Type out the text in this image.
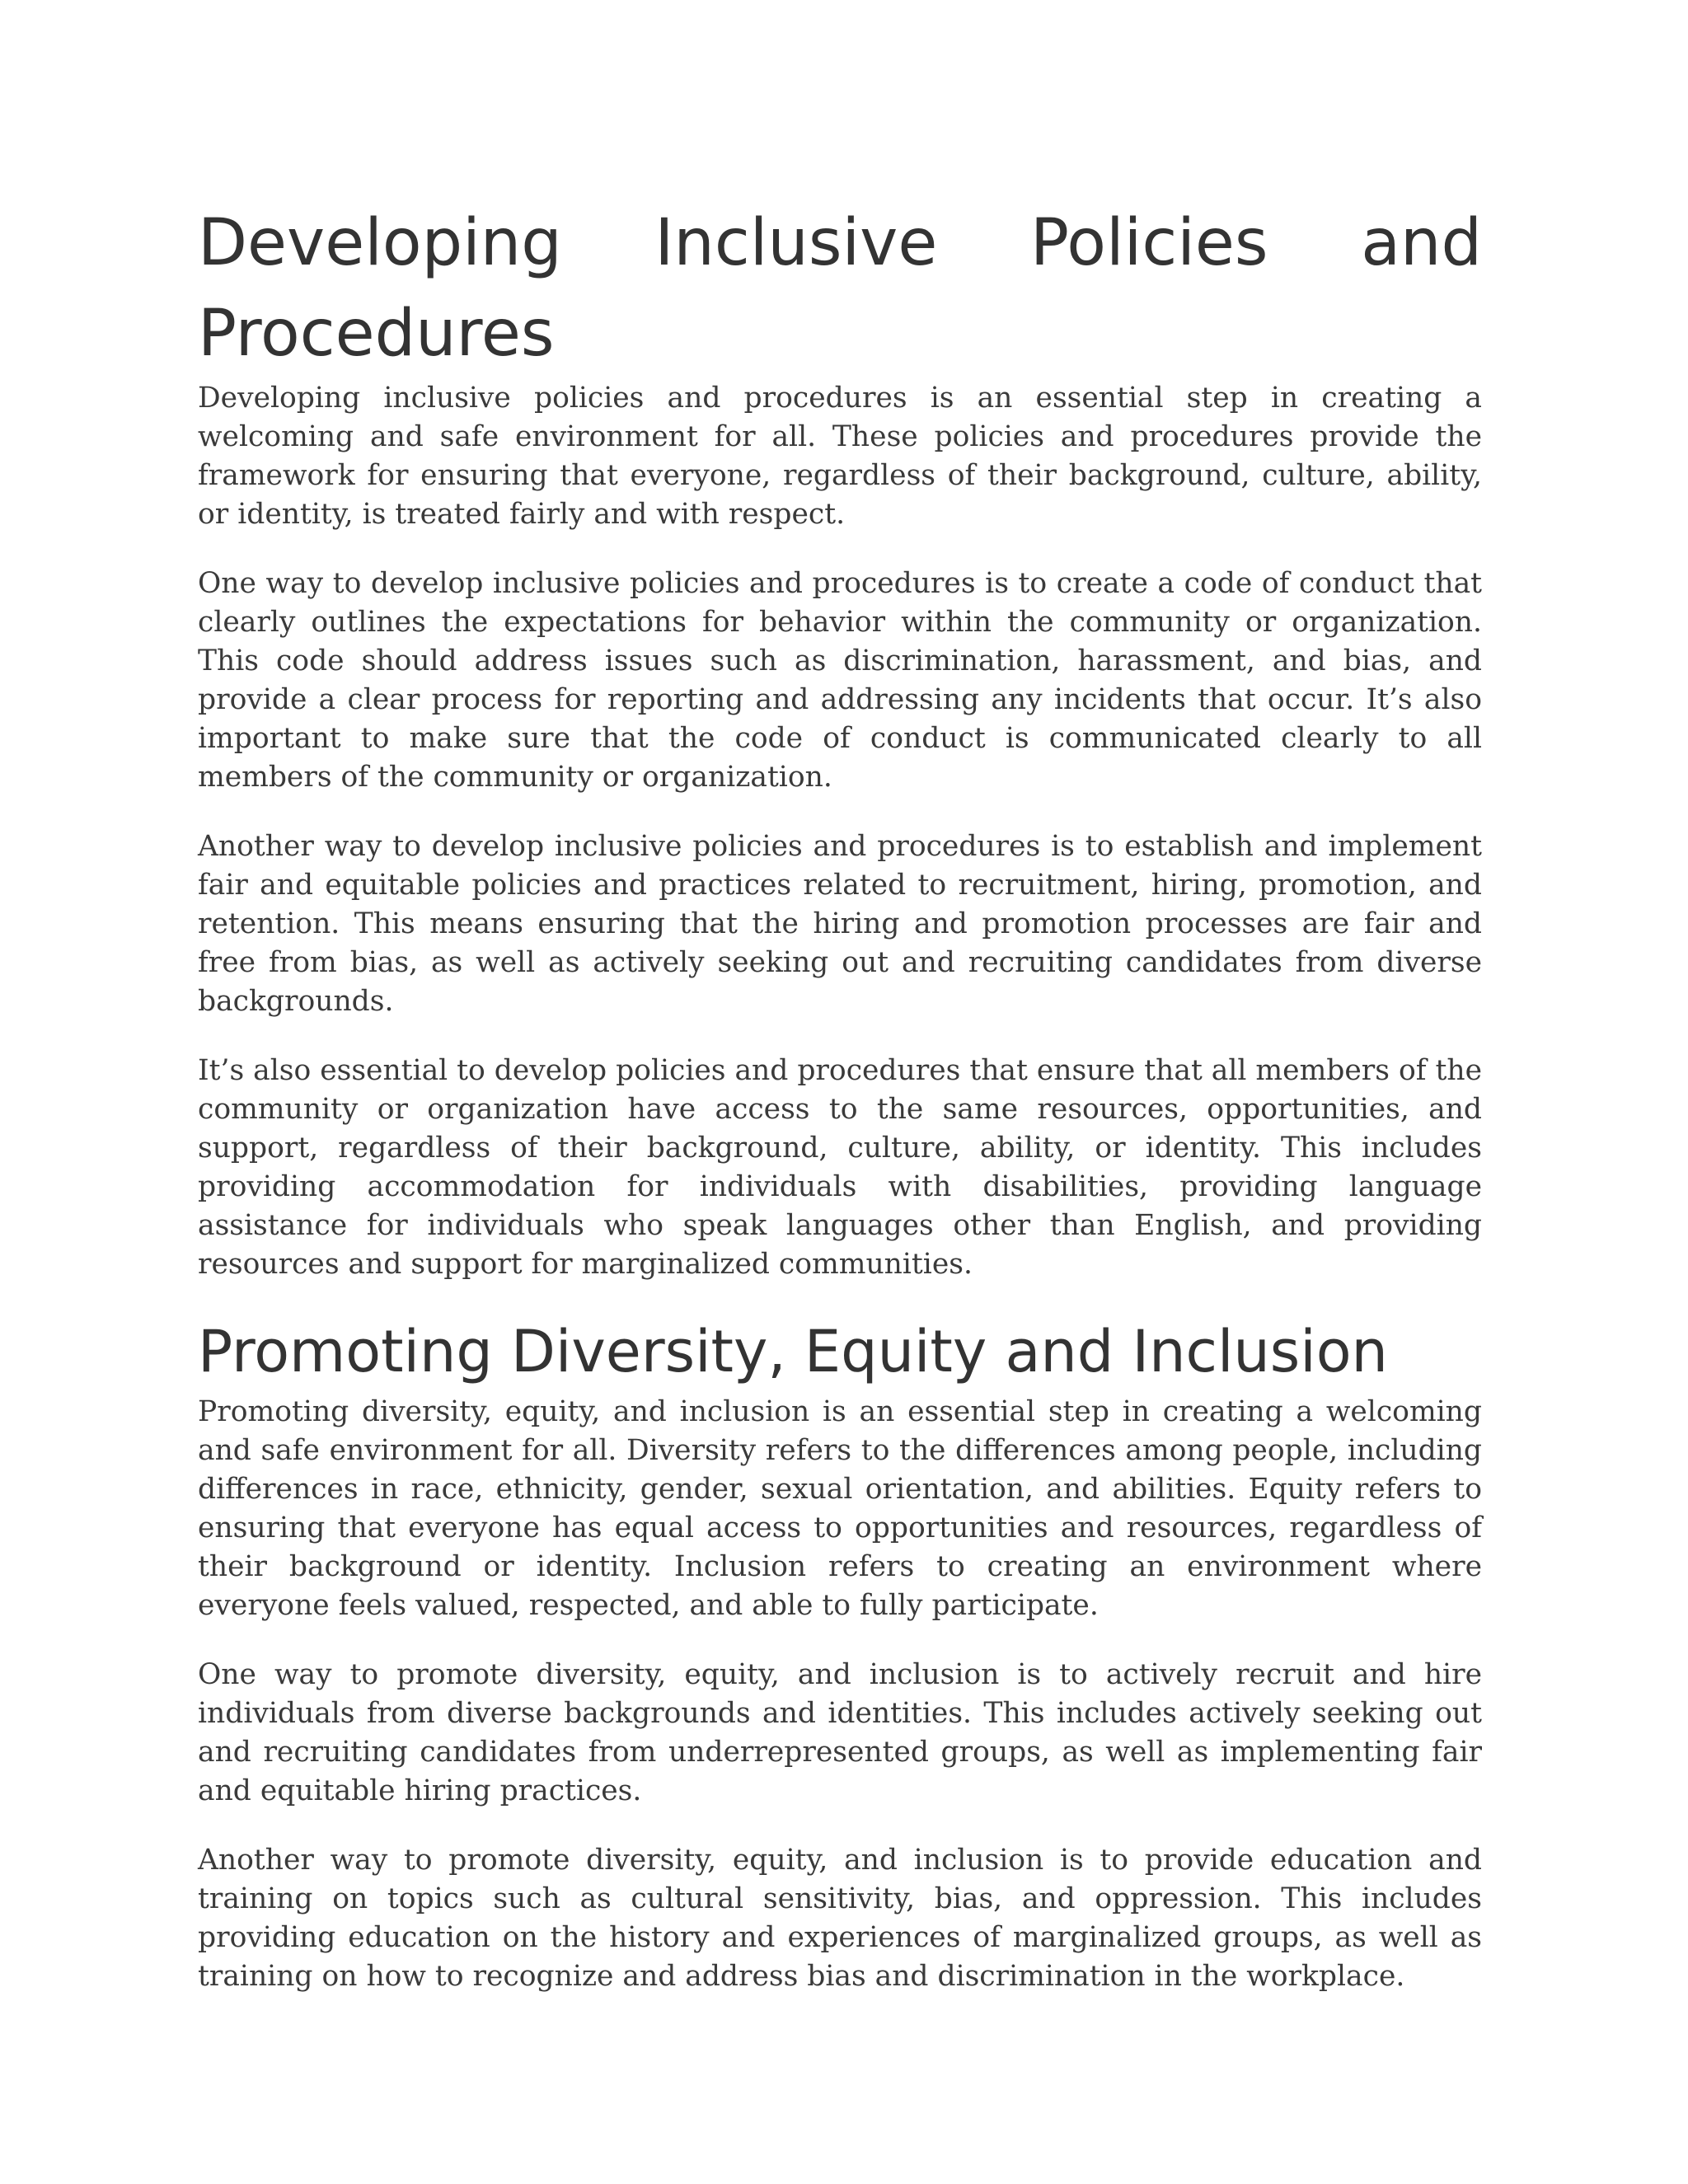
Developing Inclusive Policies and Procedures

Developing inclusive policies and procedures is an essential step in creating a welcoming and safe environment for all. These policies and procedures provide the framework for ensuring that everyone, regardless of their background, culture, ability, or identity, is treated fairly and with respect.

One way to develop inclusive policies and procedures is to create a code of conduct that clearly outlines the expectations for behavior within the community or organization. This code should address issues such as discrimination, harassment, and bias, and provide a clear process for reporting and addressing any incidents that occur. It’s also important to make sure that the code of conduct is communicated clearly to all members of the community or organization.

Another way to develop inclusive policies and procedures is to establish and implement fair and equitable policies and practices related to recruitment, hiring, promotion, and retention. This means ensuring that the hiring and promotion processes are fair and free from bias, as well as actively seeking out and recruiting candidates from diverse backgrounds.

It’s also essential to develop policies and procedures that ensure that all members of the community or organization have access to the same resources, opportunities, and support, regardless of their background, culture, ability, or identity. This includes providing accommodation for individuals with disabilities, providing language assistance for individuals who speak languages other than English, and providing resources and support for marginalized communities.

Promoting Diversity, Equity and Inclusion

Promoting diversity, equity, and inclusion is an essential step in creating a welcoming and safe environment for all. Diversity refers to the differences among people, including differences in race, ethnicity, gender, sexual orientation, and abilities. Equity refers to ensuring that everyone has equal access to opportunities and resources, regardless of their background or identity. Inclusion refers to creating an environment where everyone feels valued, respected, and able to fully participate.

One way to promote diversity, equity, and inclusion is to actively recruit and hire individuals from diverse backgrounds and identities. This includes actively seeking out and recruiting candidates from underrepresented groups, as well as implementing fair and equitable hiring practices.

Another way to promote diversity, equity, and inclusion is to provide education and training on topics such as cultural sensitivity, bias, and oppression. This includes providing education on the history and experiences of marginalized groups, as well as training on how to recognize and address bias and discrimination in the workplace.
